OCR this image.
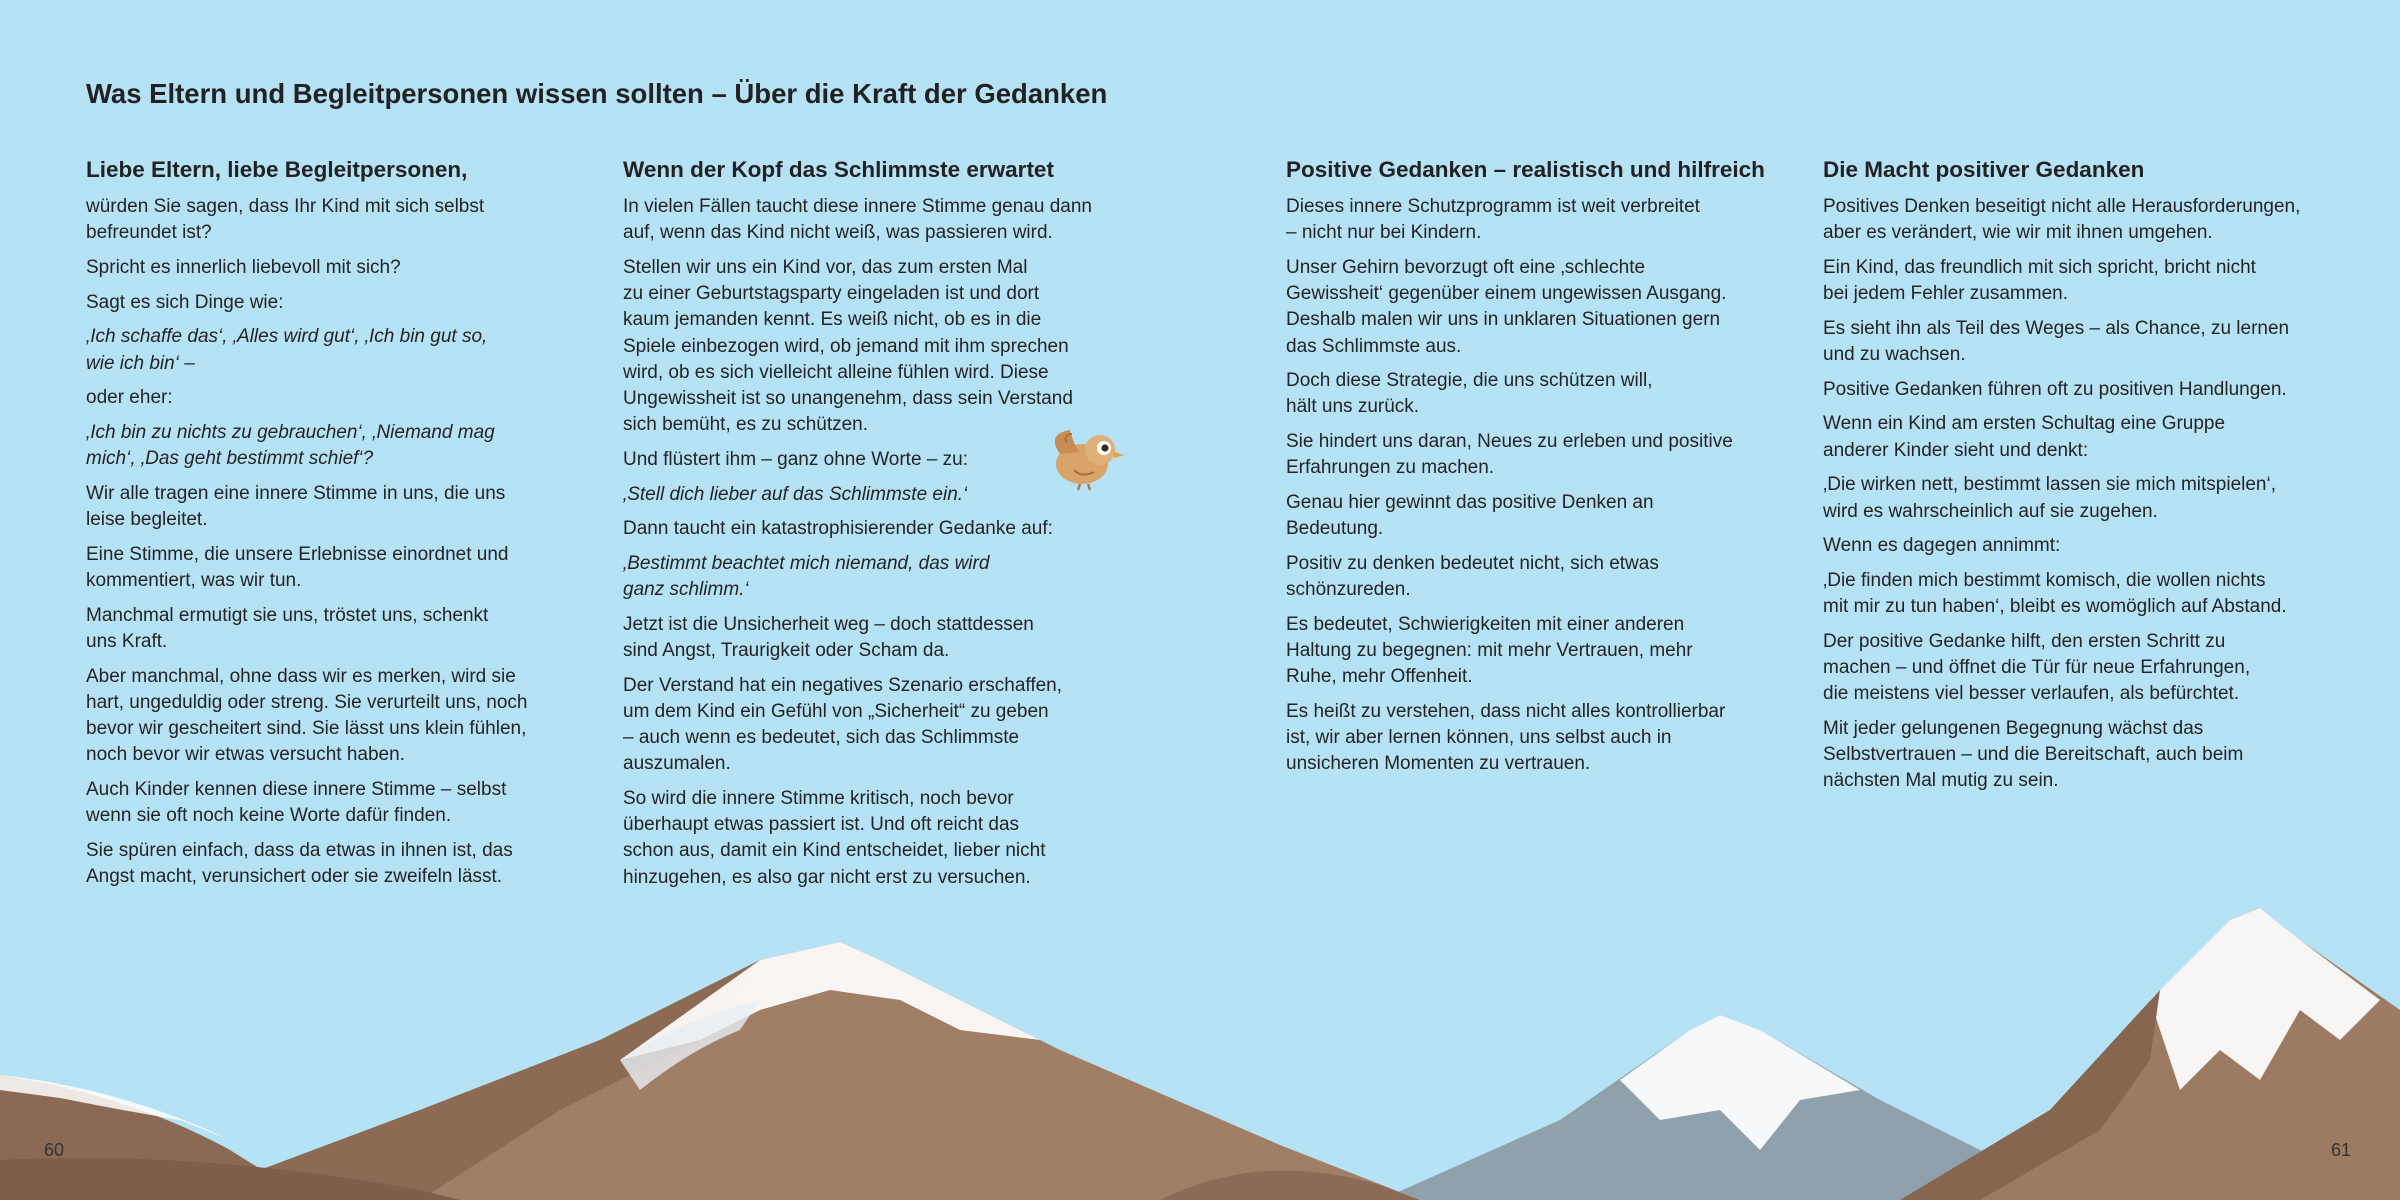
Was Eltern und Begleitpersonen wissen sollten – Über die Kraft der Gedanken
Liebe Eltern, liebe Begleitpersonen,

würden Sie sagen, dass Ihr Kind mit sich selbst
befreundet ist?

Spricht es innerlich liebevoll mit sich?

Sagt es sich Dinge wie:

‚Ich schaffe das‘, ‚Alles wird gut‘, ‚Ich bin gut so,
wie ich bin‘ –

oder eher:

‚Ich bin zu nichts zu gebrauchen‘, ‚Niemand mag
mich‘, ‚Das geht bestimmt schief‘?

Wir alle tragen eine innere Stimme in uns, die uns
leise begleitet.

Eine Stimme, die unsere Erlebnisse einordnet und
kommentiert, was wir tun.

Manchmal ermutigt sie uns, tröstet uns, schenkt
uns Kraft.

Aber manchmal, ohne dass wir es merken, wird sie
hart, ungeduldig oder streng. Sie verurteilt uns, noch
bevor wir gescheitert sind. Sie lässt uns klein fühlen,
noch bevor wir etwas versucht haben.

Auch Kinder kennen diese innere Stimme – selbst
wenn sie oft noch keine Worte dafür finden.

Sie spüren einfach, dass da etwas in ihnen ist, das
Angst macht, verunsichert oder sie zweifeln lässt.

Wenn der Kopf das Schlimmste erwartet

In vielen Fällen taucht diese innere Stimme genau dann
auf, wenn das Kind nicht weiß, was passieren wird.

Stellen wir uns ein Kind vor, das zum ersten Mal
zu einer Geburtstagsparty eingeladen ist und dort
kaum jemanden kennt. Es weiß nicht, ob es in die
Spiele einbezogen wird, ob jemand mit ihm sprechen
wird, ob es sich vielleicht alleine fühlen wird. Diese
Ungewissheit ist so unangenehm, dass sein Verstand
sich bemüht, es zu schützen.

Und flüstert ihm – ganz ohne Worte – zu:

‚Stell dich lieber auf das Schlimmste ein.‘

Dann taucht ein katastrophisierender Gedanke auf:

‚Bestimmt beachtet mich niemand, das wird
ganz schlimm.‘

Jetzt ist die Unsicherheit weg – doch stattdessen
sind Angst, Traurigkeit oder Scham da.

Der Verstand hat ein negatives Szenario erschaffen,
um dem Kind ein Gefühl von „Sicherheit“ zu geben
– auch wenn es bedeutet, sich das Schlimmste
auszumalen.

So wird die innere Stimme kritisch, noch bevor
überhaupt etwas passiert ist. Und oft reicht das
schon aus, damit ein Kind entscheidet, lieber nicht
hinzugehen, es also gar nicht erst zu versuchen.

Positive Gedanken – realistisch und hilfreich

Dieses innere Schutzprogramm ist weit verbreitet
– nicht nur bei Kindern.

Unser Gehirn bevorzugt oft eine ‚schlechte
Gewissheit‘ gegenüber einem ungewissen Ausgang.
Deshalb malen wir uns in unklaren Situationen gern
das Schlimmste aus.

Doch diese Strategie, die uns schützen will,
hält uns zurück.

Sie hindert uns daran, Neues zu erleben und positive
Erfahrungen zu machen.

Genau hier gewinnt das positive Denken an
Bedeutung.

Positiv zu denken bedeutet nicht, sich etwas
schönzureden.

Es bedeutet, Schwierigkeiten mit einer anderen
Haltung zu begegnen: mit mehr Vertrauen, mehr
Ruhe, mehr Offenheit.

Es heißt zu verstehen, dass nicht alles kontrollierbar
ist, wir aber lernen können, uns selbst auch in
unsicheren Momenten zu vertrauen.

Die Macht positiver Gedanken

Positives Denken beseitigt nicht alle Herausforderungen,
aber es verändert, wie wir mit ihnen umgehen.

Ein Kind, das freundlich mit sich spricht, bricht nicht
bei jedem Fehler zusammen.

Es sieht ihn als Teil des Weges – als Chance, zu lernen
und zu wachsen.

Positive Gedanken führen oft zu positiven Handlungen.

Wenn ein Kind am ersten Schultag eine Gruppe
anderer Kinder sieht und denkt:

‚Die wirken nett, bestimmt lassen sie mich mitspielen‘,
wird es wahrscheinlich auf sie zugehen.

Wenn es dagegen annimmt:

‚Die finden mich bestimmt komisch, die wollen nichts
mit mir zu tun haben‘, bleibt es womöglich auf Abstand.

Der positive Gedanke hilft, den ersten Schritt zu
machen – und öffnet die Tür für neue Erfahrungen,
die meistens viel besser verlaufen, als befürchtet.

Mit jeder gelungenen Begegnung wächst das
Selbstvertrauen – und die Bereitschaft, auch beim
nächsten Mal mutig zu sein.

60	61
